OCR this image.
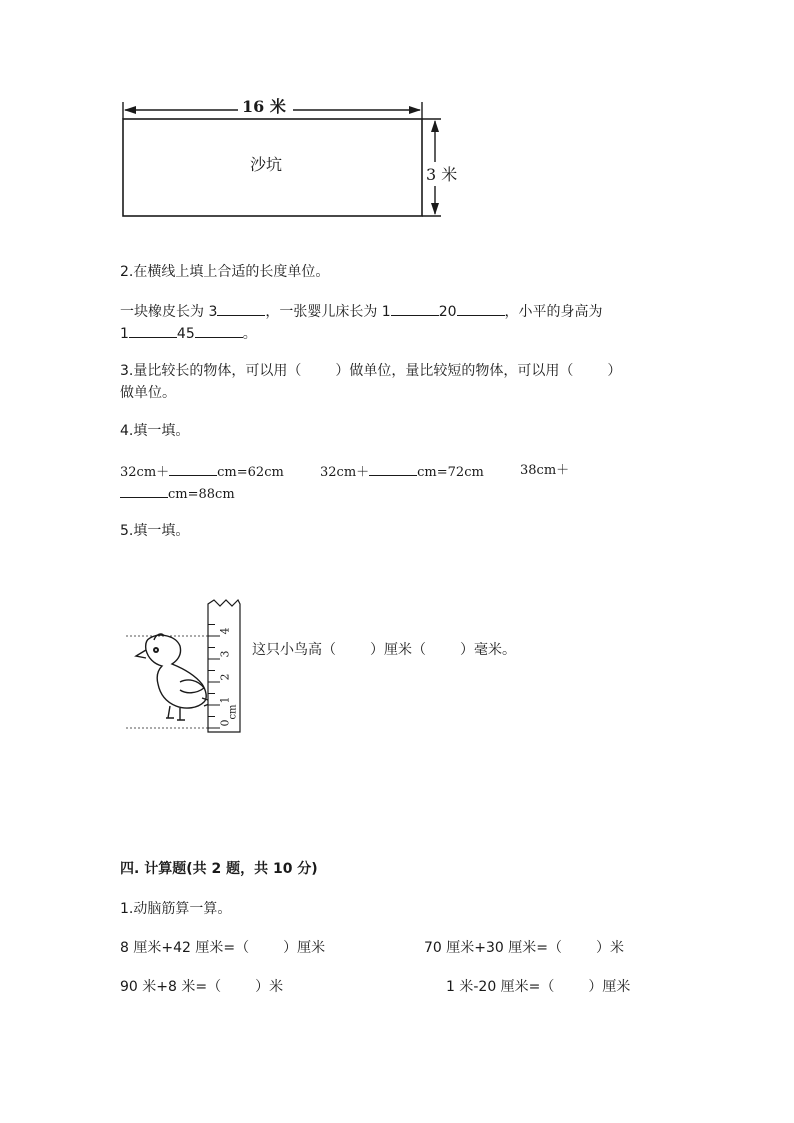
16 米
3 米
沙坑
2.在横线上填上合适的长度单位。
一块橡皮长为 3	，一张婴儿床长为 1	20	，小平的身高为
1	45	。
3.量比较长的物体，可以用（ ）做单位，量比较短的物体，可以用（ ）
做单位。
4.填一填。
32cm＋	cm=62cm	32cm＋	cm=72cm	38cm＋
cm=88cm
5.填一填。
0
1
2
3
4
cm
这只小鸟高（ ）厘米（ ）毫米。
四. 计算题(共 2 题，共 10 分)
1.动脑筋算一算。
8 厘米+42 厘米=（ ）厘米	70 厘米+30 厘米=（ ）米
90 米+8 米=（ ）米	1 米-20 厘米=（ ）厘米
